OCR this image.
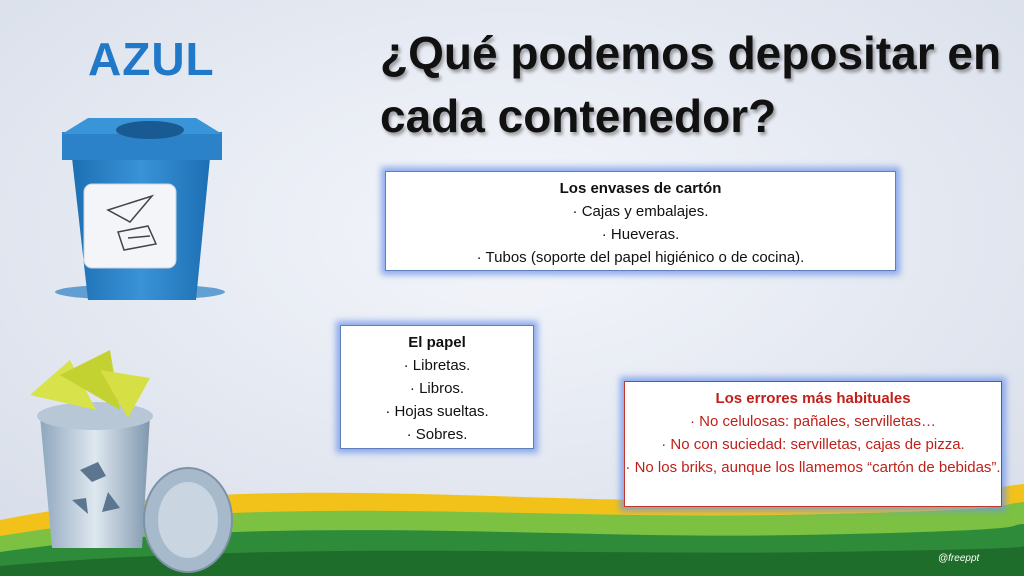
AZUL	¿Qué podemos depositar en cada contenedor?
Los envases de cartón
· Cajas y embalajes.
· Hueveras.
· Tubos (soporte del papel higiénico o de cocina).
El papel
· Libretas.
· Libros.
· Hojas sueltas.
· Sobres.
Los errores más habituales
· No celulosas: pañales, servilletas…
· No con suciedad: servilletas, cajas de pizza.
· No los briks, aunque los llamemos “cartón de bebidas”.
@freeppt
